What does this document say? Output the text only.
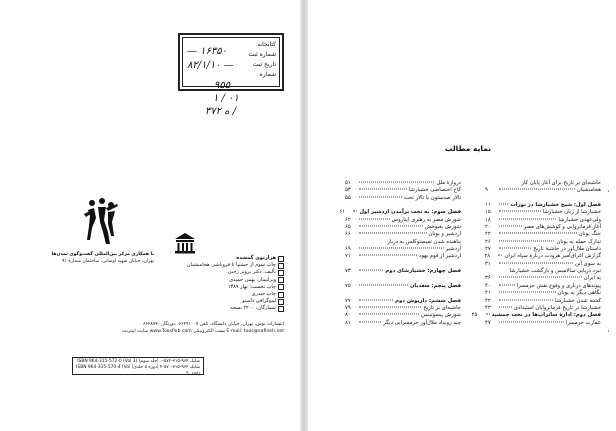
کتابخانه
شماره ثبت
تاریخ ثبت
شماره
— ۱۶۳۵۰
۸۲/۱/۱۰ —
۹۵۵
۱ / ۰۱
ه ۳۷۲ /
هزارتوی گمشده
چاپ سوم از خشتیا تا فروپاشی هخامنشیان
تألیف: دکتر پرویز رجبی
ویراستار: بهمن حمیدی
چاپ نخست: بهار ۱۳۸۹
چاپ حیدری
لیتوگرافی دامینو
شمارگان: ۲۲۰۰ نسخه
با همکاری مرکز بین‌المللی گفت‌وگوی تمدن‌ها
تهران، خیابان شهید اوشانی، ساختمان شماره ۹۱
انتشارات توس، تهران، خیابان دانشگاه، تلفن ۶۶۴۹۱۰۰۷، دورنگار ۶۶۴۸۷۴۰
E-mail: toos@safineh.net پست الکترونیکی www.ToosPub.com سایت اینترنت
شابک ۹۶۴-۳۱۵-۵۷۲-۰ (جلد سوم) ISBN 964-315-572-0 (Vol 3)
شابک ۹۶۴-۳۱۵-۵۷۰-۴ (دوره ۵ جلدی) ISBN 964-315-570-4 (Vol 5. set)
نمایه مطالب
حاشیه‌ای بر تاریخ برای آغاز پایان کار
هخامنشیان
۹
فصل اول: شیخ خشیارشا در تورات
۱۱
خشیارشا از زبان خشیارشا
۱۵
ولی‌عهدی خشیارشا
۱۸
آغاز فرمانروایی و کوشش‌های مصر
۲۰
جنگ یونان
۲۲
تدارک حمله به یونان
۲۶
داستان ملال‌آور در حاشیهٔ تاریخ
۲۷
گزارش اغراق‌آمیز هرودت دربارهٔ سپاه ایران
۲۸
به سوی آتن
۳۱
نبرد دریایی سالامیس و بازگشت خشیارشا
به ایران
۳۶
پیوندهای درباری و وقوع نقش حرمسرا
۴۰
نگاهی دیگر به یونان
۴۱
کشته شدن خشیارشا
۴۲
خشیارشا در تاریخ فرمانروایان استبدادی
۴۳
فصل دوم: اداره‌ٔ ساتراپ‌ها در نخت جمشید
۴۵
عمارت حرمسرا
۴۷
دروازهٔ ملل
۵۱
کاخ اختصاصی خشیارشا
۵۳
تالار صدستون یا تالار تخت
۵۵
فصل سوم: به تخت برآمدن اردشیر اول
۶۱
شورش مصر به رهبری ایناروس
۶۲
شورش بغبوخش
۶۵
اردشیر و یونان
۶۶
پناهنده شدن تمیستوکلس به دربار
اردشیر
۶۹
اردشیر از قوم یهود
۷۱
فصل چهارم: خشیارشای دوم
۷۳
فصل پنجم: سغدیان
۷۵
فصل ششم: داریوش دوم
۷۷
حاشیه‌ای بر تاریخ
۷۹
شورش پیسوتینس
۸۰
چند رویداد ملال‌آور حرمسرایی دیگر
۸۱
